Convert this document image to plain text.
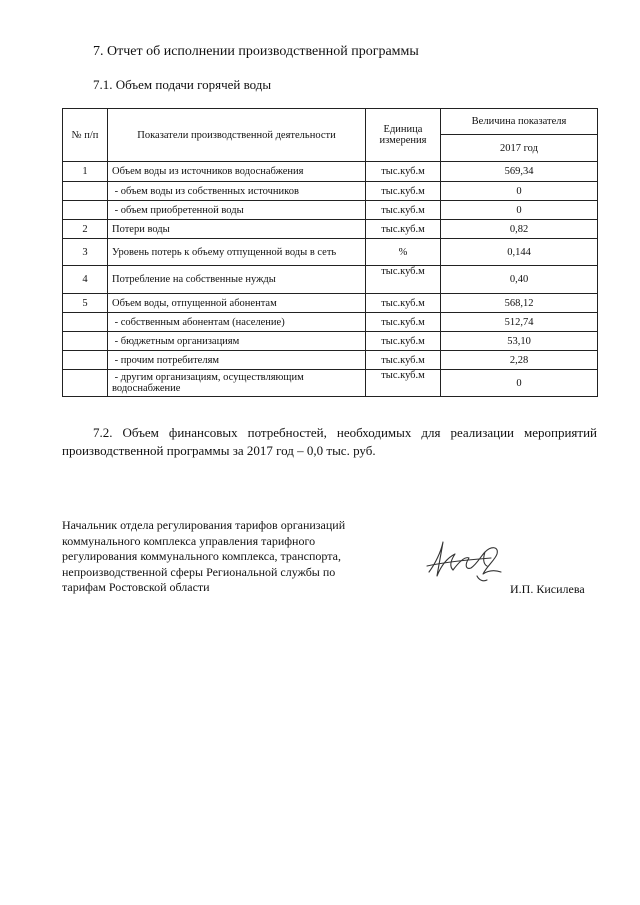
7. Отчет об исполнении производственной программы
7.1. Объем подачи горячей воды
№ п/п	Показатели производственной деятельности	Единица измерения	Величина показателя
			2017 год
1	Объем воды из источников водоснабжения	тыс.куб.м	569,34
	- объем воды из собственных источников	тыс.куб.м	0
	- объем приобретенной воды	тыс.куб.м	0
2	Потери воды	тыс.куб.м	0,82
3	Уровень потерь к объему отпущенной воды в сеть	%	0,144
4	Потребление на собственные нужды	тыс.куб.м	0,40
5	Объем воды, отпущенной абонентам	тыс.куб.м	568,12
	- собственным абонентам (население)	тыс.куб.м	512,74
	- бюджетным организациям	тыс.куб.м	53,10
	- прочим потребителям	тыс.куб.м	2,28
	- другим организациям, осуществляющим водоснабжение	тыс.куб.м	0
7.2. Объем финансовых потребностей, необходимых для реализации мероприятий производственной программы за 2017 год – 0,0 тыс. руб.
Начальник отдела регулирования тарифов организаций
коммунального комплекса управления тарифного
регулирования коммунального комплекса, транспорта,
непроизводственной сферы Региональной службы по
тарифам Ростовской области	И.П. Кисилева
